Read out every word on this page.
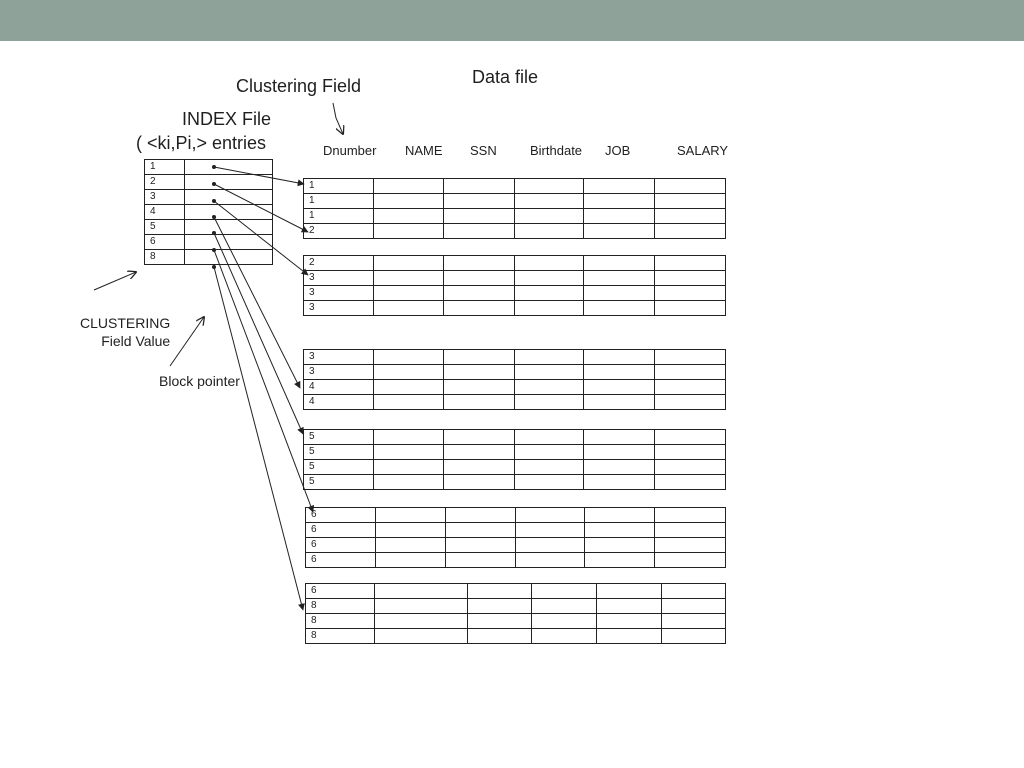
Data file
Clustering Field
INDEX File
( <ki,Pi,> entries
CLUSTERING
Field Value
Block pointer
Dnumber NAME SSN	Birthdate JOB	SALARY
1	
2	
3	
4	
5	
6	
8	
1					
1					
1					
2					
2					
3					
3					
3					
3					
3					
4					
4					
5					
5					
5					
5					
6					
6					
6					
6					
6					
8					
8					
8					
